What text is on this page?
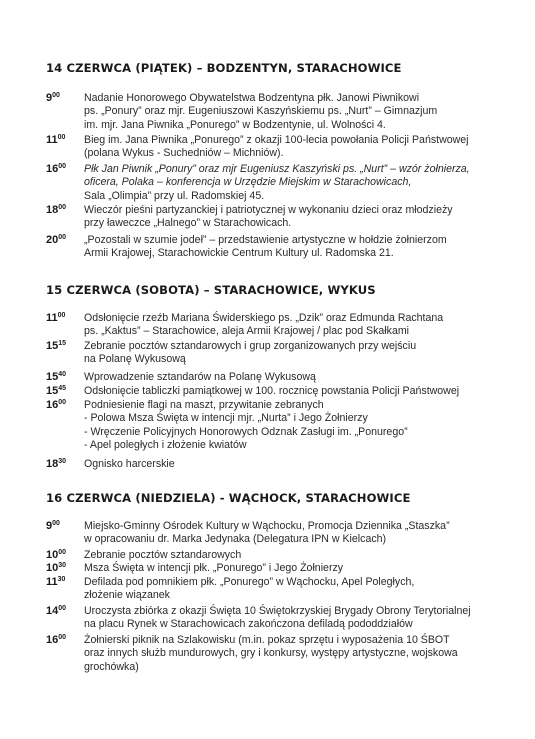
14 CZERWCA (PIĄTEK) – BODZENTYN, STARACHOWICE
$9^{00}$ Nadanie Honorowego Obywatelstwa Bodzentyna płk. Janowi Piwnikowi
ps. „Ponury” oraz mjr. Eugeniuszowi Kaszyńskiemu ps. „Nurt” – Gimnazjum
im. mjr. Jana Piwnika „Ponurego” w Bodzentynie, ul. Wolności 4.
$11^{00}$ Bieg im. Jana Piwnika „Ponurego” z okazji 100-lecia powołania Policji Państwowej
(polana Wykus - Suchedniów – Michniów).
$16^{00}$ Płk Jan Piwnik „Ponury” oraz mjr Eugeniusz Kaszyński ps. „Nurt” – wzór żołnierza,
oficera, Polaka – konferencja w Urzędzie Miejskim w Starachowicach,
Sala „Olimpia” przy ul. Radomskiej 45.
$18^{00}$ Wieczór pieśni partyzanckiej i patriotycznej w wykonaniu dzieci oraz młodzieży
przy ławeczce „Halnego” w Starachowicach.
$20^{00}$ „Pozostali w szumie jodeł” – przedstawienie artystyczne w hołdzie żołnierzom
Armii Krajowej, Starachowickie Centrum Kultury ul. Radomska 21.
15 CZERWCA (SOBOTA) – STARACHOWICE, WYKUS
$11^{00}$ Odsłonięcie rzeźb Mariana Świderskiego ps. „Dzik” oraz Edmunda Rachtana
ps. „Kaktus” – Starachowice, aleja Armii Krajowej / plac pod Skałkami
$15^{15}$ Zebranie pocztów sztandarowych i grup zorganizowanych przy wejściu
na Polanę Wykusową
$15^{40}$ Wprowadzenie sztandarów na Polanę Wykusową
$15^{45}$ Odsłonięcie tabliczki pamiątkowej w 100. rocznicę powstania Policji Państwowej
$16^{00}$ Podniesienie flagi na maszt, przywitanie zebranych
- Polowa Msza Święta w intencji mjr. „Nurta” i Jego Żołnierzy
- Wręczenie Policyjnych Honorowych Odznak Zasługi im. „Ponurego”
- Apel poległych i złożenie kwiatów
$18^{30}$ Ognisko harcerskie
16 CZERWCA (NIEDZIELA) - WĄCHOCK, STARACHOWICE
$9^{00}$ Miejsko-Gminny Ośrodek Kultury w Wąchocku, Promocja Dziennika „Staszka”
w opracowaniu dr. Marka Jedynaka (Delegatura IPN w Kielcach)
$10^{00}$ Zebranie pocztów sztandarowych
$10^{30}$ Msza Święta w intencji płk. „Ponurego” i Jego Żołnierzy
$11^{30}$ Defilada pod pomnikiem płk. „Ponurego” w Wąchocku, Apel Poległych,
złożenie wiązanek
$14^{00}$ Uroczysta zbiórka z okazji Święta 10 Świętokrzyskiej Brygady Obrony Terytorialnej
na placu Rynek w Starachowicach zakończona defiladą pododdziałów
$16^{00}$ Żołnierski piknik na Szlakowisku (m.in. pokaz sprzętu i wyposażenia 10 ŚBOT
oraz innych służb mundurowych, gry i konkursy, występy artystyczne, wojskowa
grochówka)
